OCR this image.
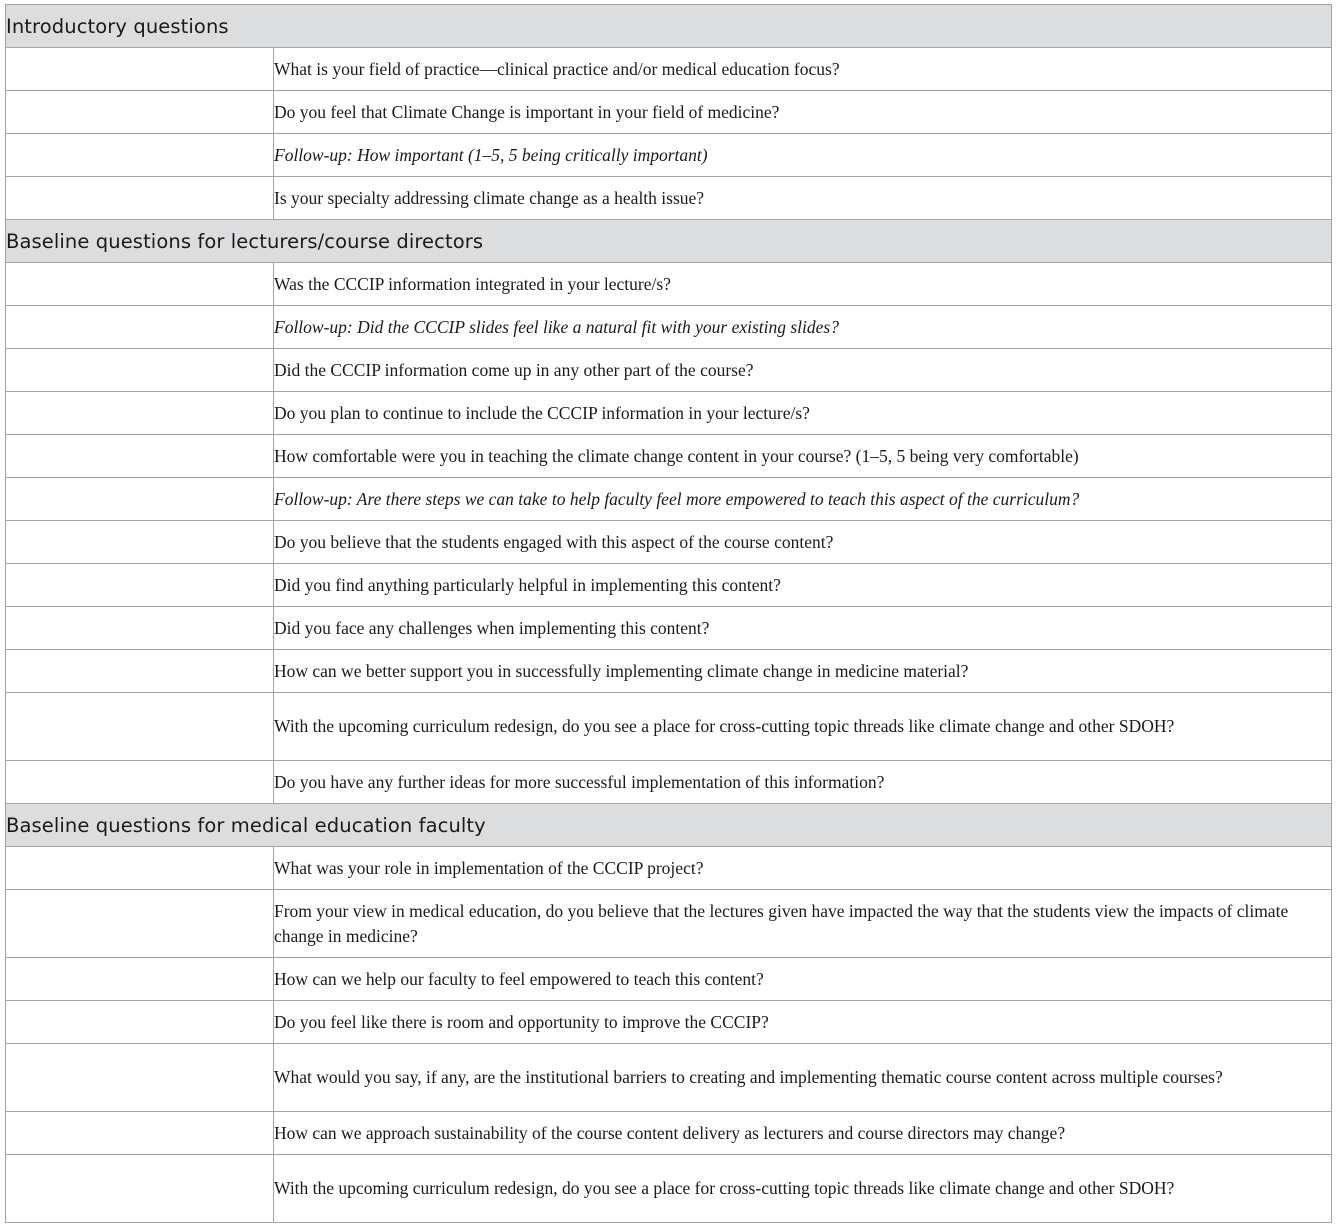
Introductory questions	
	What is your field of practice—clinical practice and/or medical education focus?
	Do you feel that Climate Change is important in your field of medicine?
	Follow-up: How important (1–5, 5 being critically important)
	Is your specialty addressing climate change as a health issue?
Baseline questions for lecturers/course directors	
	Was the CCCIP information integrated in your lecture/s?
	Follow-up: Did the CCCIP slides feel like a natural fit with your existing slides?
	Did the CCCIP information come up in any other part of the course?
	Do you plan to continue to include the CCCIP information in your lecture/s?
	How comfortable were you in teaching the climate change content in your course? (1–5, 5 being very comfortable)
	Follow-up: Are there steps we can take to help faculty feel more empowered to teach this aspect of the curriculum?
	Do you believe that the students engaged with this aspect of the course content?
	Did you find anything particularly helpful in implementing this content?
	Did you face any challenges when implementing this content?
	How can we better support you in successfully implementing climate change in medicine material?
	With the upcoming curriculum redesign, do you see a place for cross-cutting topic threads like climate change and other SDOH?
	Do you have any further ideas for more successful implementation of this information?
Baseline questions for medical education faculty	
	What was your role in implementation of the CCCIP project?
	From your view in medical education, do you believe that the lectures given have impacted the way that the students view the impacts of climate change in medicine?
	How can we help our faculty to feel empowered to teach this content?
	Do you feel like there is room and opportunity to improve the CCCIP?
	What would you say, if any, are the institutional barriers to creating and implementing thematic course content across multiple courses?
	How can we approach sustainability of the course content delivery as lecturers and course directors may change?
	With the upcoming curriculum redesign, do you see a place for cross-cutting topic threads like climate change and other SDOH?
